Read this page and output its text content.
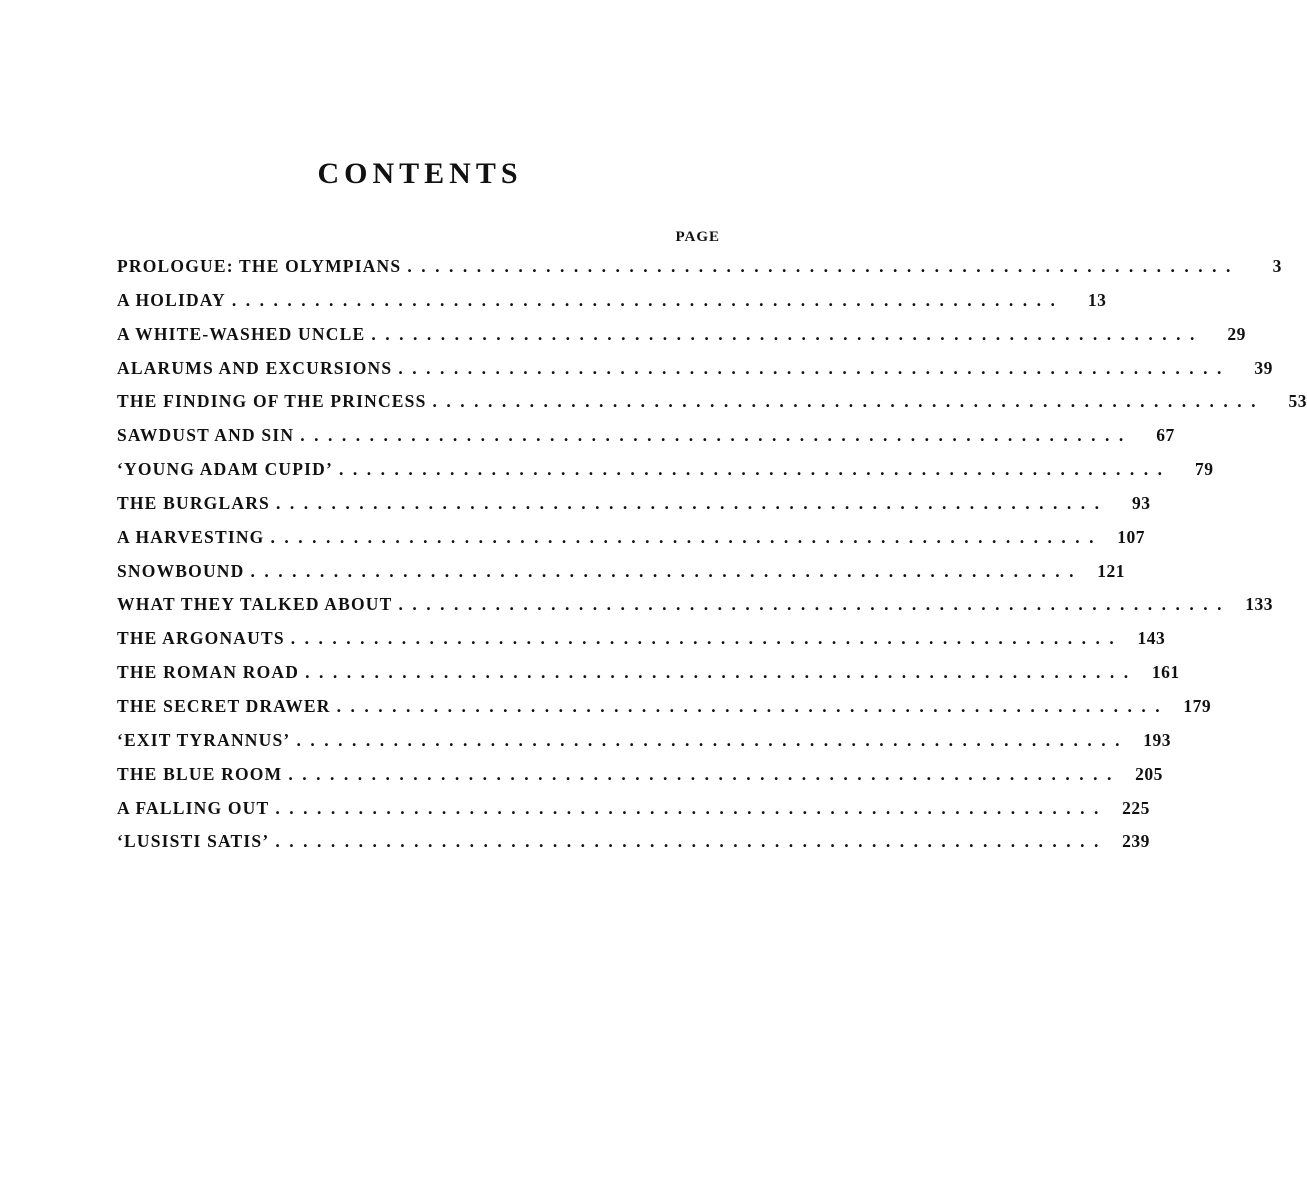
CONTENTS
PAGE
PROLOGUE: THE OLYMPIANS ............................................................	3
A HOLIDAY ............................................................	13
A WHITE-WASHED UNCLE ............................................................	29
ALARUMS AND EXCURSIONS ............................................................	39
THE FINDING OF THE PRINCESS ............................................................	53
SAWDUST AND SIN ............................................................	67
‘YOUNG ADAM CUPID’ ............................................................	79
THE BURGLARS ............................................................	93
A HARVESTING ............................................................ 107
SNOWBOUND ............................................................ 121
WHAT THEY TALKED ABOUT ............................................................ 133
THE ARGONAUTS ............................................................ 143
THE ROMAN ROAD ............................................................ 161
THE SECRET DRAWER ............................................................ 179
‘EXIT TYRANNUS’ ............................................................ 193
THE BLUE ROOM ............................................................ 205
A FALLING OUT ............................................................ 225
‘LUSISTI SATIS’ ............................................................ 239
